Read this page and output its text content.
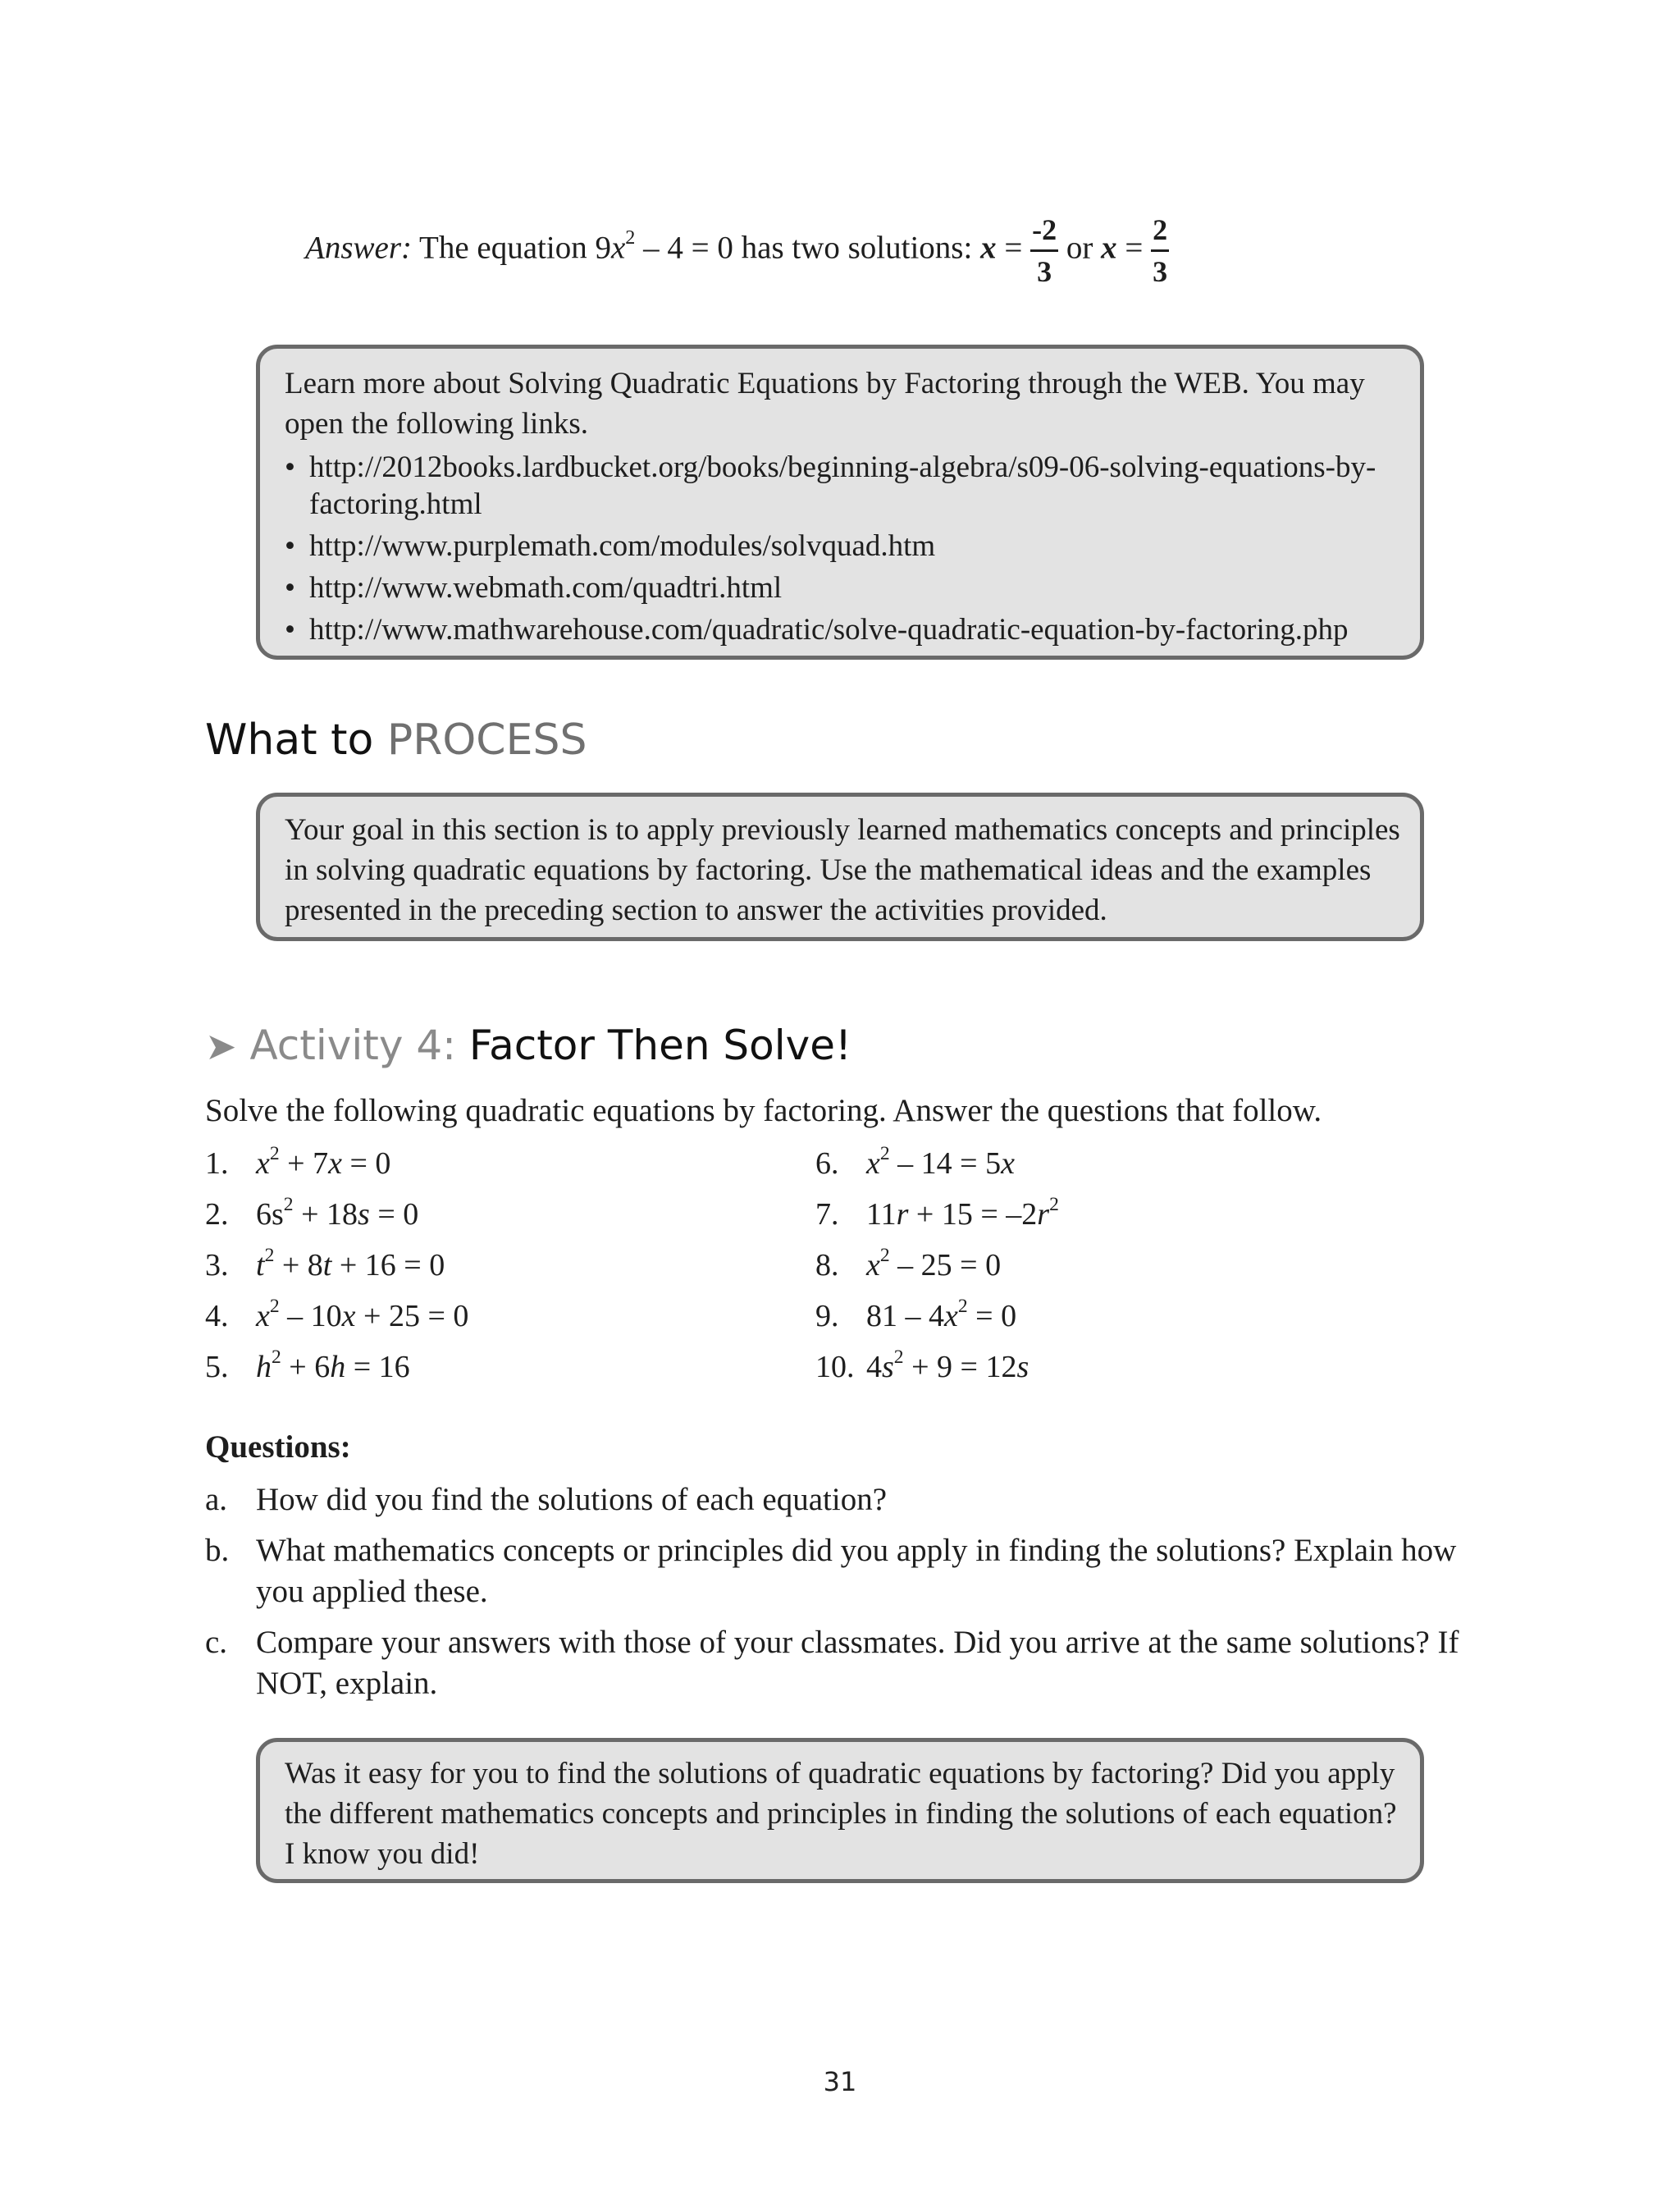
Answer: The equation $9x^2 - 4 = 0$ has two solutions: $x = \frac{-2}{3}$ or $x = \frac{2}{3}$
Learn more about Solving Quadratic Equations by Factoring through the WEB. You may open the following links.
• http://2012books.lardbucket.org/books/beginning-algebra/s09-06-solving-equations-by-factoring.html
• http://www.purplemath.com/modules/solvquad.htm
• http://www.webmath.com/quadtri.html
• http://www.mathwarehouse.com/quadratic/solve-quadratic-equation-by-factoring.php
What to PROCESS
Your goal in this section is to apply previously learned mathematics concepts and principles in solving quadratic equations by factoring. Use the mathematical ideas and the examples presented in the preceding section to answer the activities provided.
➤ Activity 4: Factor Then Solve!
Solve the following quadratic equations by factoring. Answer the questions that follow.
1. $x^2 + 7x = 0$
2. $6s^2 + 18s = 0$
3. $t^2 + 8t + 16 = 0$
4. $x^2 - 10x + 25 = 0$
5. $h^2 + 6h = 16$
6. $x^2 - 14 = 5x$
7. $11r + 15 = -2r^2$
8. $x^2 - 25 = 0$
9. $81 - 4x^2 = 0$
10. $4s^2 + 9 = 12s$
Questions:
a. How did you find the solutions of each equation?
b. What mathematics concepts or principles did you apply in finding the solutions? Explain how you applied these.
c. Compare your answers with those of your classmates. Did you arrive at the same solutions? If NOT, explain.
Was it easy for you to find the solutions of quadratic equations by factoring? Did you apply the different mathematics concepts and principles in finding the solutions of each equation? I know you did!
31
